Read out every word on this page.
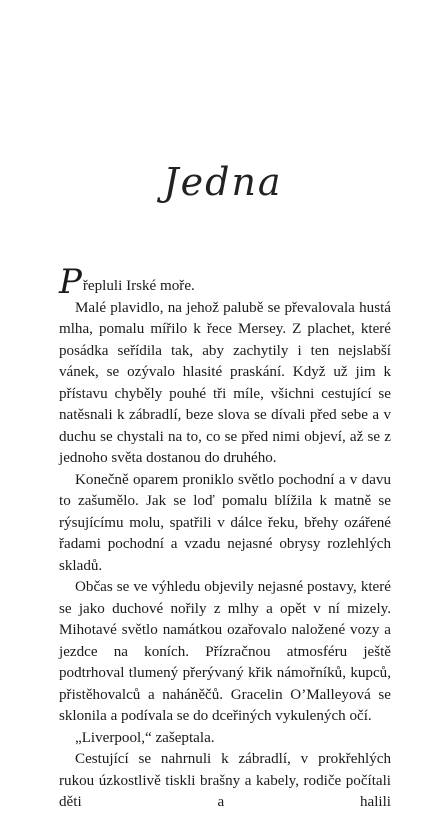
Jedna

Přepluli Irské moře.

Malé plavidlo, na jehož palubě se převalovala hustá mlha, pomalu mířilo k řece Mersey. Z plachet, které posádka seřídila tak, aby zachytily i ten nejslabší vánek, se ozývalo hlasité praskání. Když už jim k přístavu chyběly pouhé tři míle, všichni cestující se natěsnali k zábradlí, beze slova se dívali před sebe a v duchu se chystali na to, co se před nimi objeví, až se z jednoho světa dostanou do druhého.

Konečně oparem proniklo světlo pochodní a v davu to zašumělo. Jak se loď pomalu blížila k matně se rýsujícímu molu, spatřili v dálce řeku, břehy ozářené řadami pochodní a vzadu nejasné obrysy rozlehlých skladů.

Občas se ve výhledu objevily nejasné postavy, které se jako duchové nořily z mlhy a opět v ní mizely. Mihotavé světlo namátkou ozařovalo naložené vozy a jezdce na koních. Přízračnou atmosféru ještě podtrhoval tlumený přerývaný křik námořníků, kupců, přistěhovalců a naháněčů. Gracelin O’Malleyová se sklonila a podívala se do dceřiných vykulených očí.

„Liverpool,“ zašeptala.

Cestující se nahrnuli k zábradlí, v prokřehlých rukou úzkostlivě tiskli brašny a kabely, rodiče počítali děti a halili
